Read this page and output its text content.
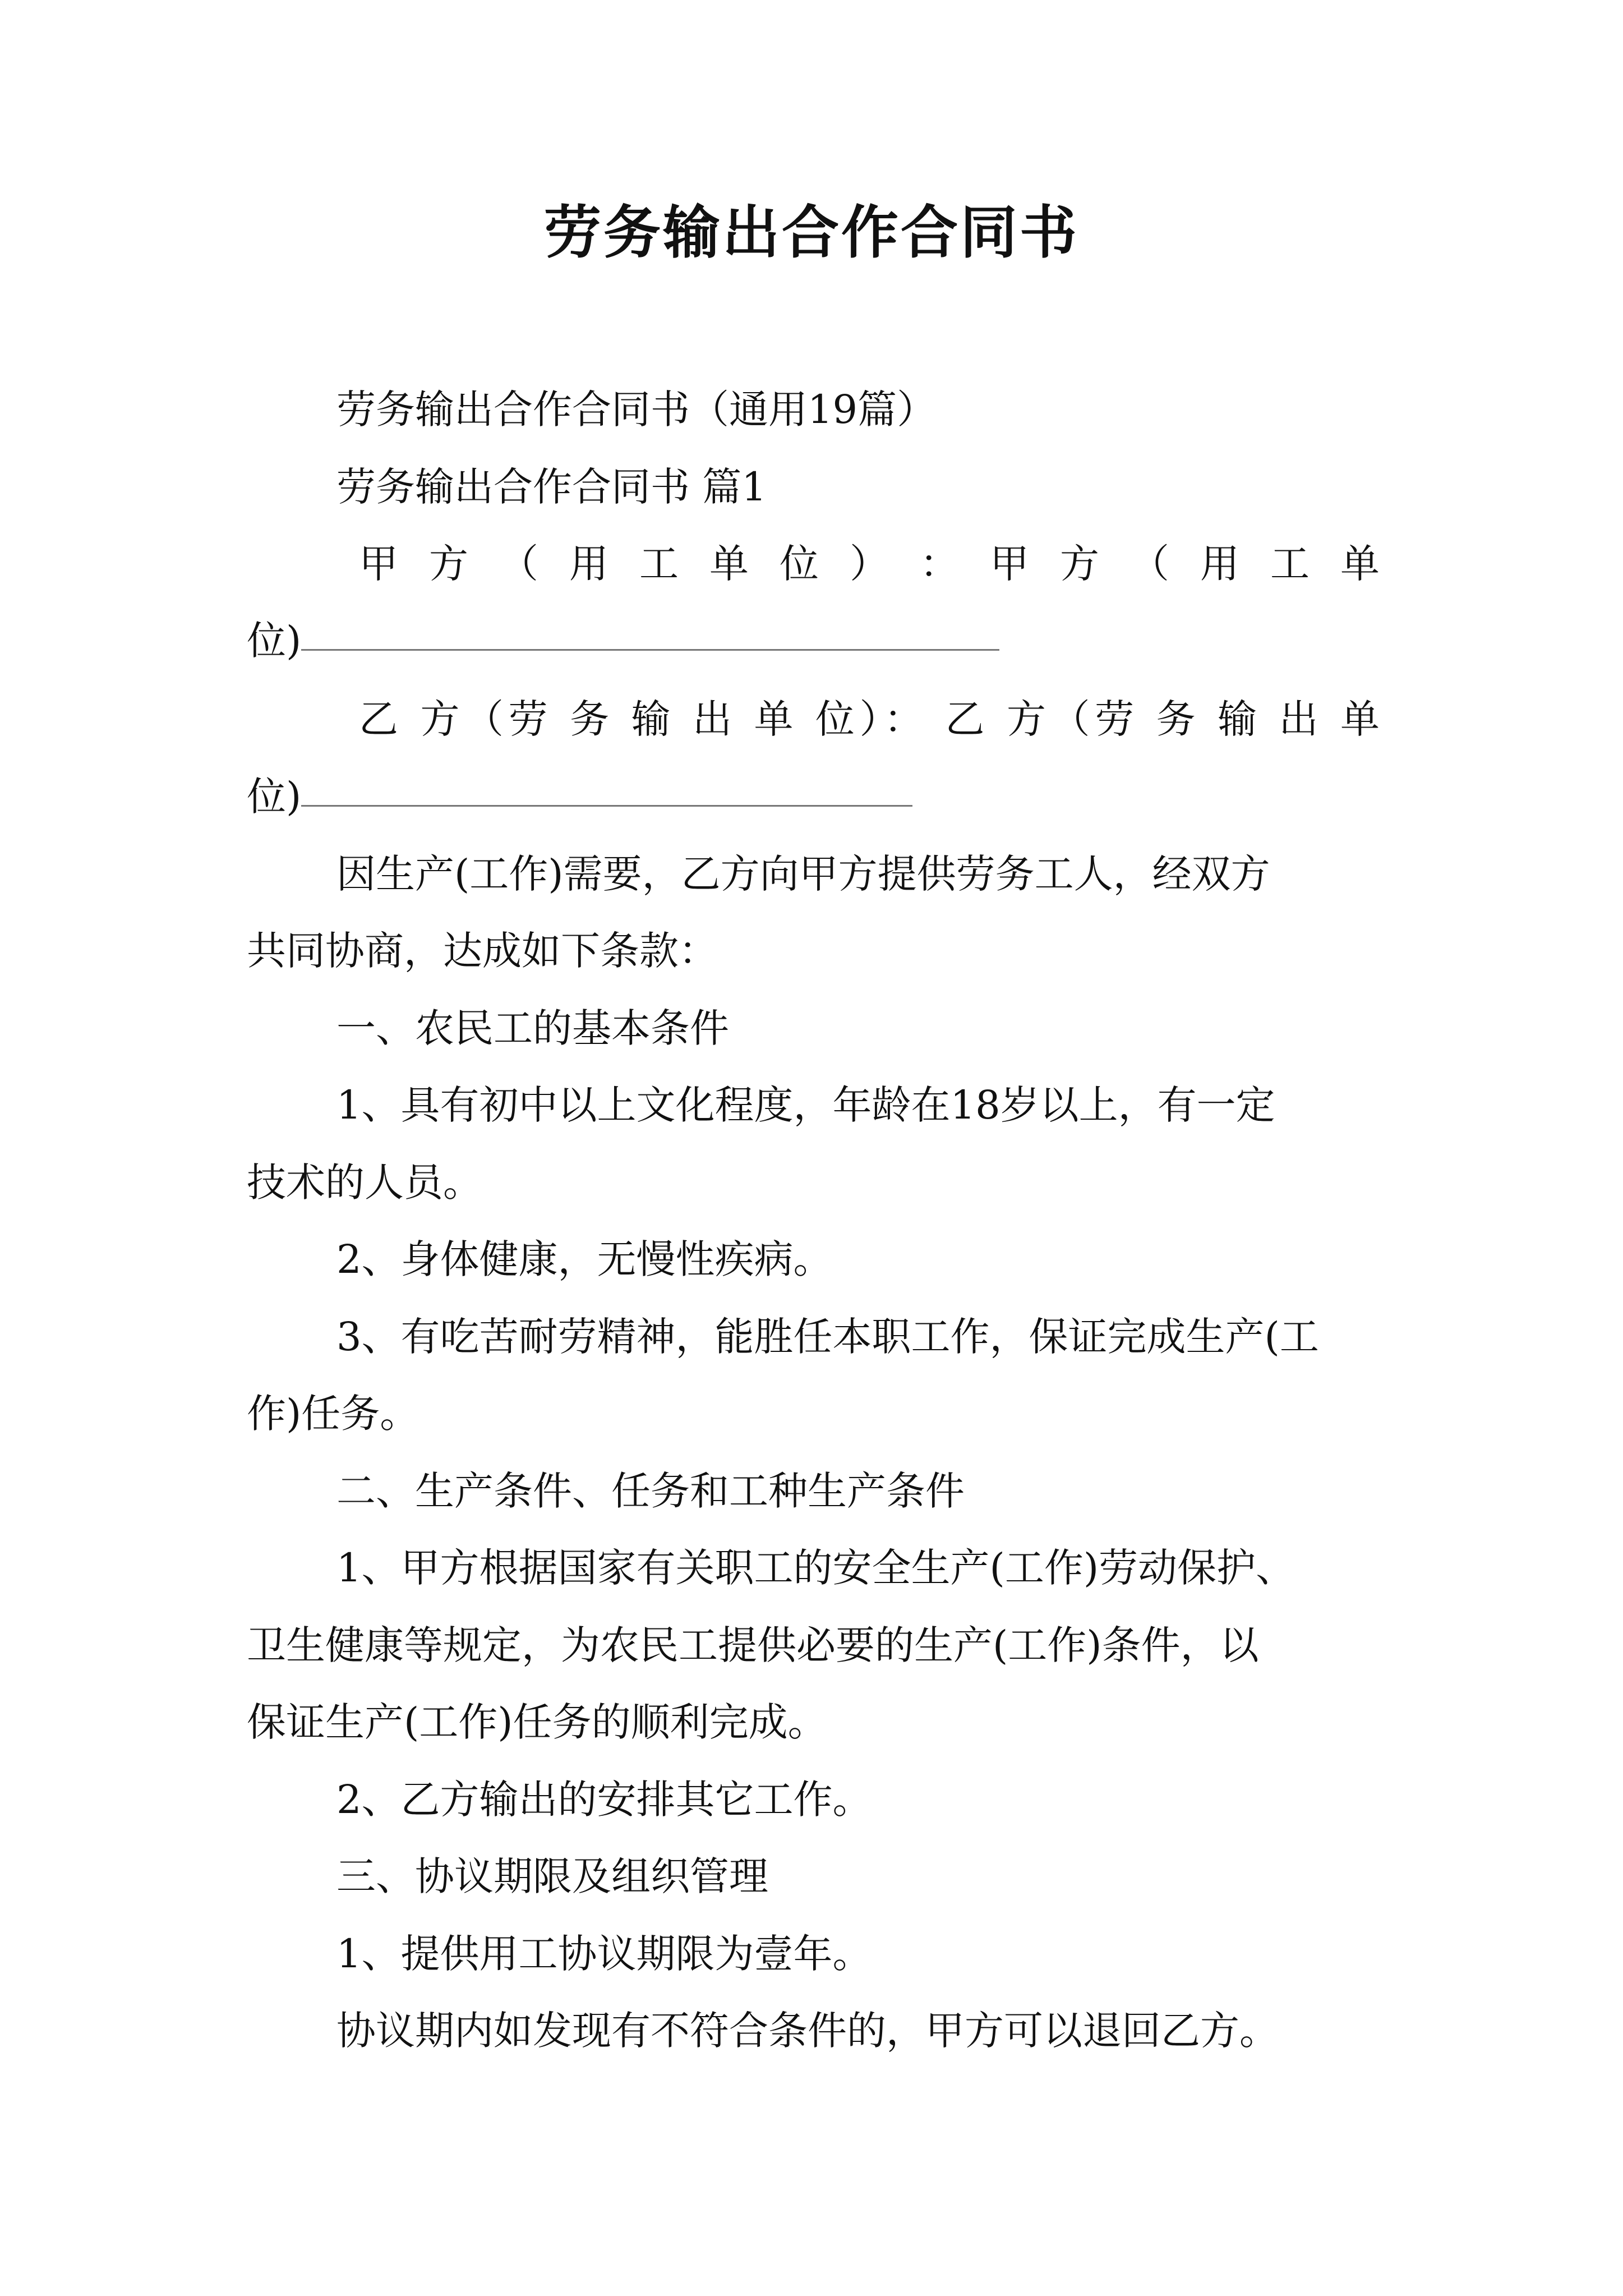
劳务输出合作合同书
劳务输出合作合同书（通用19篇）
劳务输出合作合同书 篇1
甲 方 （ 用 工 单 位 ） ： 甲 方 （ 用 工 单
位)
乙 方（劳 务 输 出 单 位）： 乙 方（劳 务 输 出 单
位)
因生产(工作)需要，乙方向甲方提供劳务工人，经双方
共同协商，达成如下条款：
一、农民工的基本条件
1、具有初中以上文化程度，年龄在18岁以上，有一定
技术的人员。
2、身体健康，无慢性疾病。
3、有吃苦耐劳精神，能胜任本职工作，保证完成生产(工
作)任务。
二、生产条件、任务和工种生产条件
1、甲方根据国家有关职工的安全生产(工作)劳动保护、
卫生健康等规定，为农民工提供必要的生产(工作)条件，以
保证生产(工作)任务的顺利完成。
2、乙方输出的安排其它工作。
三、协议期限及组织管理
1、提供用工协议期限为壹年。
协议期内如发现有不符合条件的，甲方可以退回乙方。
